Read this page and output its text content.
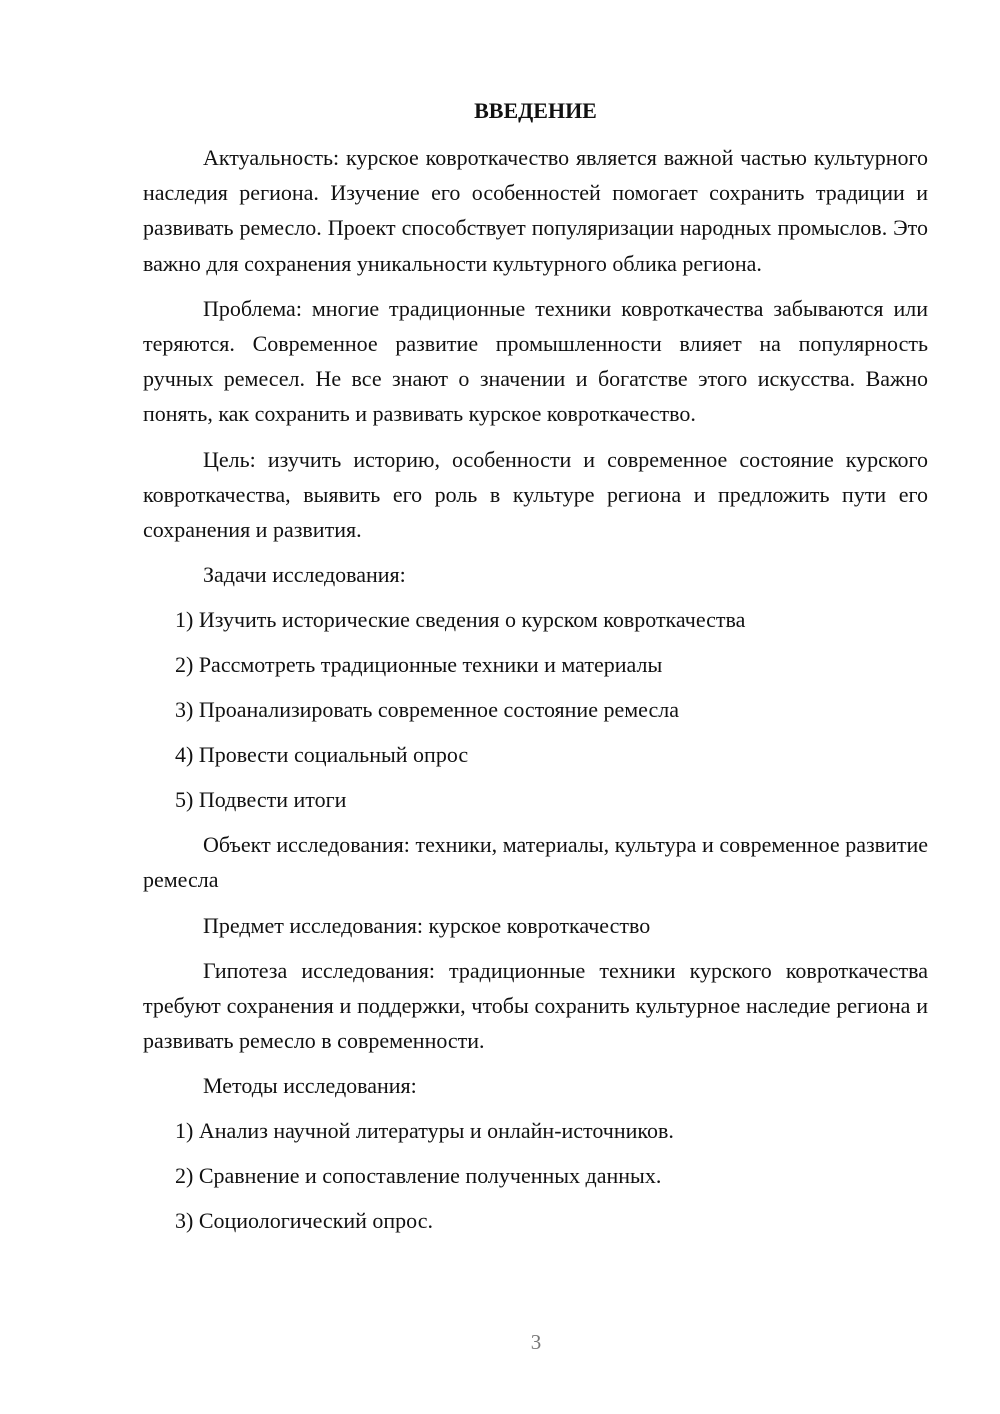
ВВЕДЕНИЕ

Актуальность: курское ковроткачество является важной частью культурного наследия региона. Изучение его особенностей помогает сохранить традиции и развивать ремесло. Проект способствует популяризации народных промыслов. Это важно для сохранения уникальности культурного облика региона.

Проблема: многие традиционные техники ковроткачества забываются или теряются. Современное развитие промышленности влияет на популярность ручных ремесел. Не все знают о значении и богатстве этого искусства. Важно понять, как сохранить и развивать курское ковроткачество.

Цель: изучить историю, особенности и современное состояние курского ковроткачества, выявить его роль в культуре региона и предложить пути его сохранения и развития.

Задачи исследования:

1) Изучить исторические сведения о курском ковроткачества
2) Рассмотреть традиционные техники и материалы
3) Проанализировать современное состояние ремесла
4) Провести социальный опрос
5) Подвести итоги

Объект исследования: техники, материалы, культура и современное развитие ремесла

Предмет исследования: курское ковроткачество

Гипотеза исследования: традиционные техники курского ковроткачества требуют сохранения и поддержки, чтобы сохранить культурное наследие региона и развивать ремесло в современности.

Методы исследования:

1) Анализ научной литературы и онлайн-источников.
2) Сравнение и сопоставление полученных данных.
3) Социологический опрос.
3
